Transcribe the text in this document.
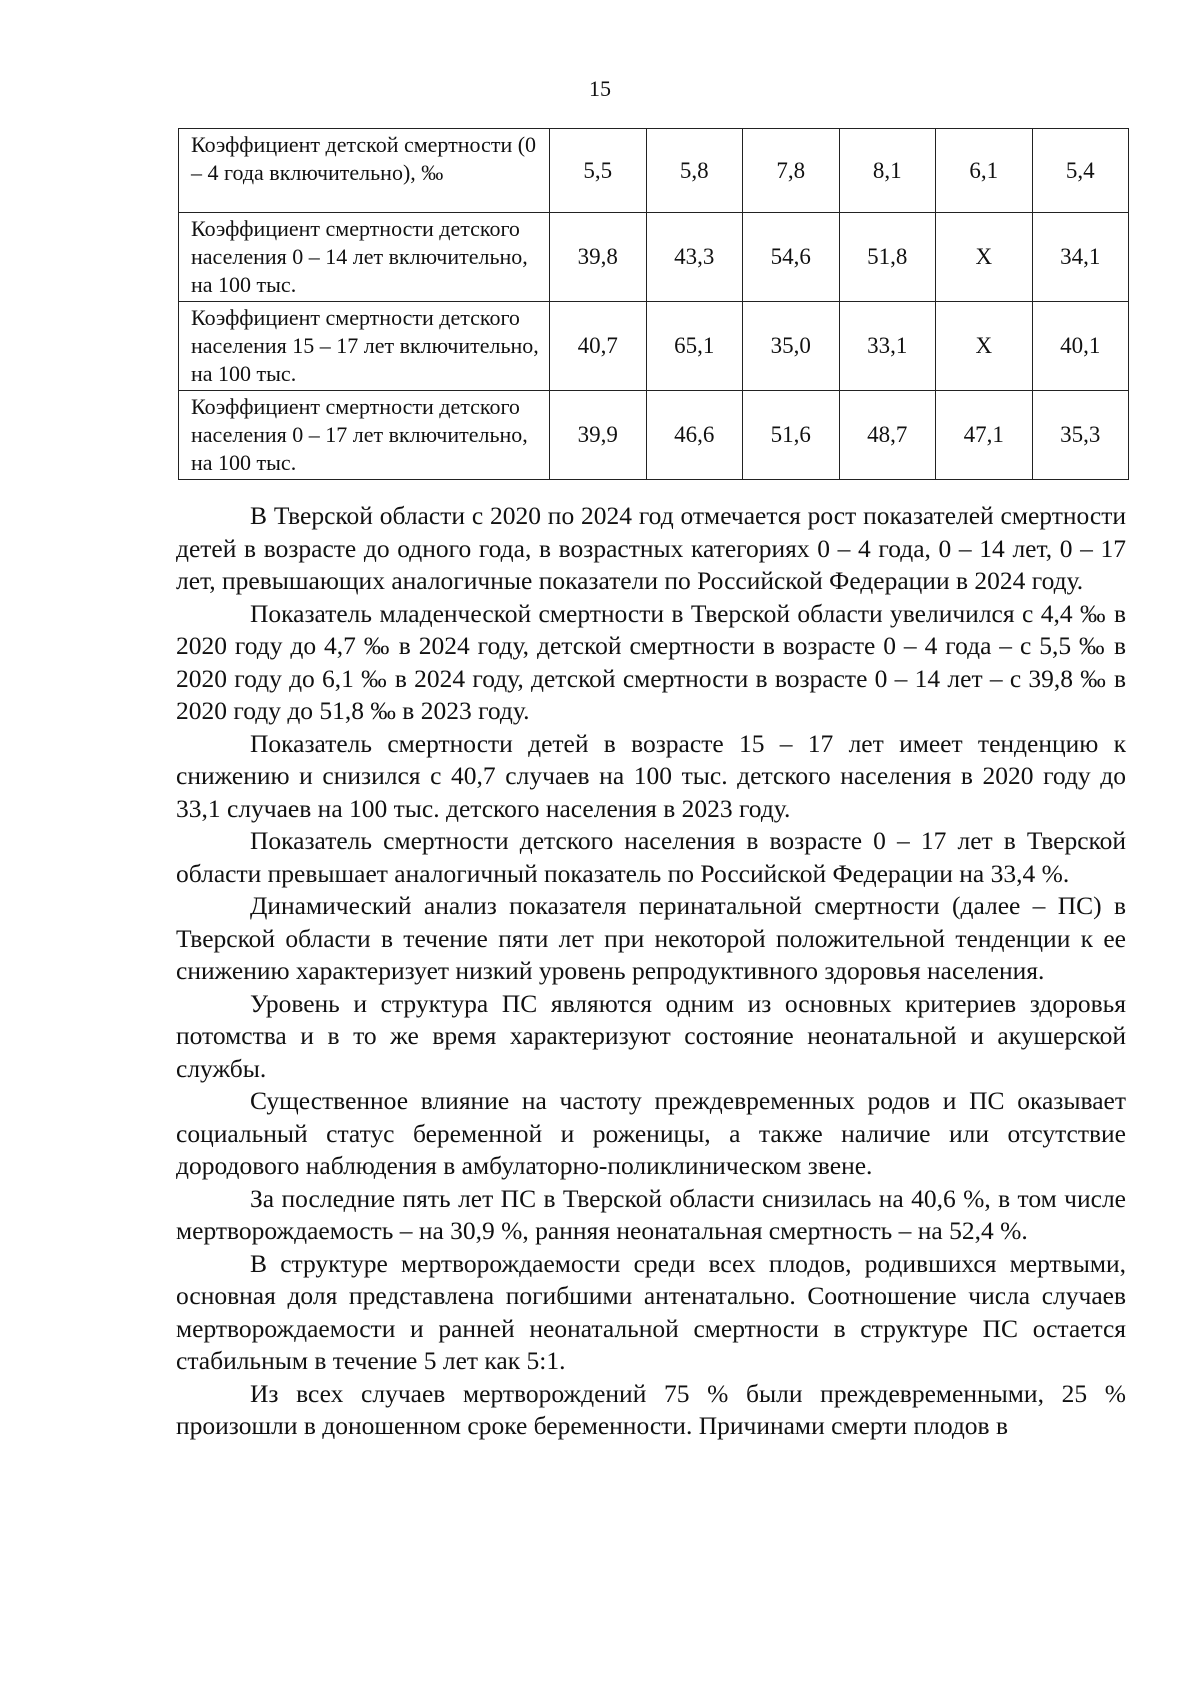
15
Коэффициент детской смертности (0 – 4 года включительно), ‰	5,5	5,8	7,8	8,1	6,1	5,4
Коэффициент смертности детского населения 0 – 14 лет включительно, на 100 тыс.	39,8	43,3	54,6	51,8	Х	34,1
Коэффициент смертности детского населения 15 – 17 лет включительно, на 100 тыс.	40,7	65,1	35,0	33,1	Х	40,1
Коэффициент смертности детского населения 0 – 17 лет включительно, на 100 тыс.	39,9	46,6	51,6	48,7	47,1	35,3

В Тверской области с 2020 по 2024 год отмечается рост показателей смертности детей в возрасте до одного года, в возрастных категориях 0 – 4 года, 0 – 14 лет, 0 – 17 лет, превышающих аналогичные показатели по Российской Федерации в 2024 году.

Показатель младенческой смертности в Тверской области увеличился с 4,4 ‰ в 2020 году до 4,7 ‰ в 2024 году, детской смертности в возрасте 0 – 4 года – с 5,5 ‰ в 2020 году до 6,1 ‰ в 2024 году, детской смертности в возрасте 0 – 14 лет – с 39,8 ‰ в 2020 году до 51,8 ‰ в 2023 году.

Показатель смертности детей в возрасте 15 – 17 лет имеет тенденцию к снижению и снизился с 40,7 случаев на 100 тыс. детского населения в 2020 году до 33,1 случаев на 100 тыс. детского населения в 2023 году.

Показатель смертности детского населения в возрасте 0 – 17 лет в Тверской области превышает аналогичный показатель по Российской Федерации на 33,4 %.

Динамический анализ показателя перинатальной смертности (далее – ПС) в Тверской области в течение пяти лет при некоторой положительной тенденции к ее снижению характеризует низкий уровень репродуктивного здоровья населения.

Уровень и структура ПС являются одним из основных критериев здоровья потомства и в то же время характеризуют состояние неонатальной и акушерской службы.

Существенное влияние на частоту преждевременных родов и ПС оказывает социальный статус беременной и роженицы, а также наличие или отсутствие дородового наблюдения в амбулаторно-поликлиническом звене.

За последние пять лет ПС в Тверской области снизилась на 40,6 %, в том числе мертворождаемость – на 30,9 %, ранняя неонатальная смертность – на 52,4 %.

В структуре мертворождаемости среди всех плодов, родившихся мертвыми, основная доля представлена погибшими антенатально. Соотношение числа случаев мертворождаемости и ранней неонатальной смертности в структуре ПС остается стабильным в течение 5 лет как 5:1.

Из всех случаев мертворождений 75 % были преждевременными, 25 % произошли в доношенном сроке беременности. Причинами смерти плодов в
